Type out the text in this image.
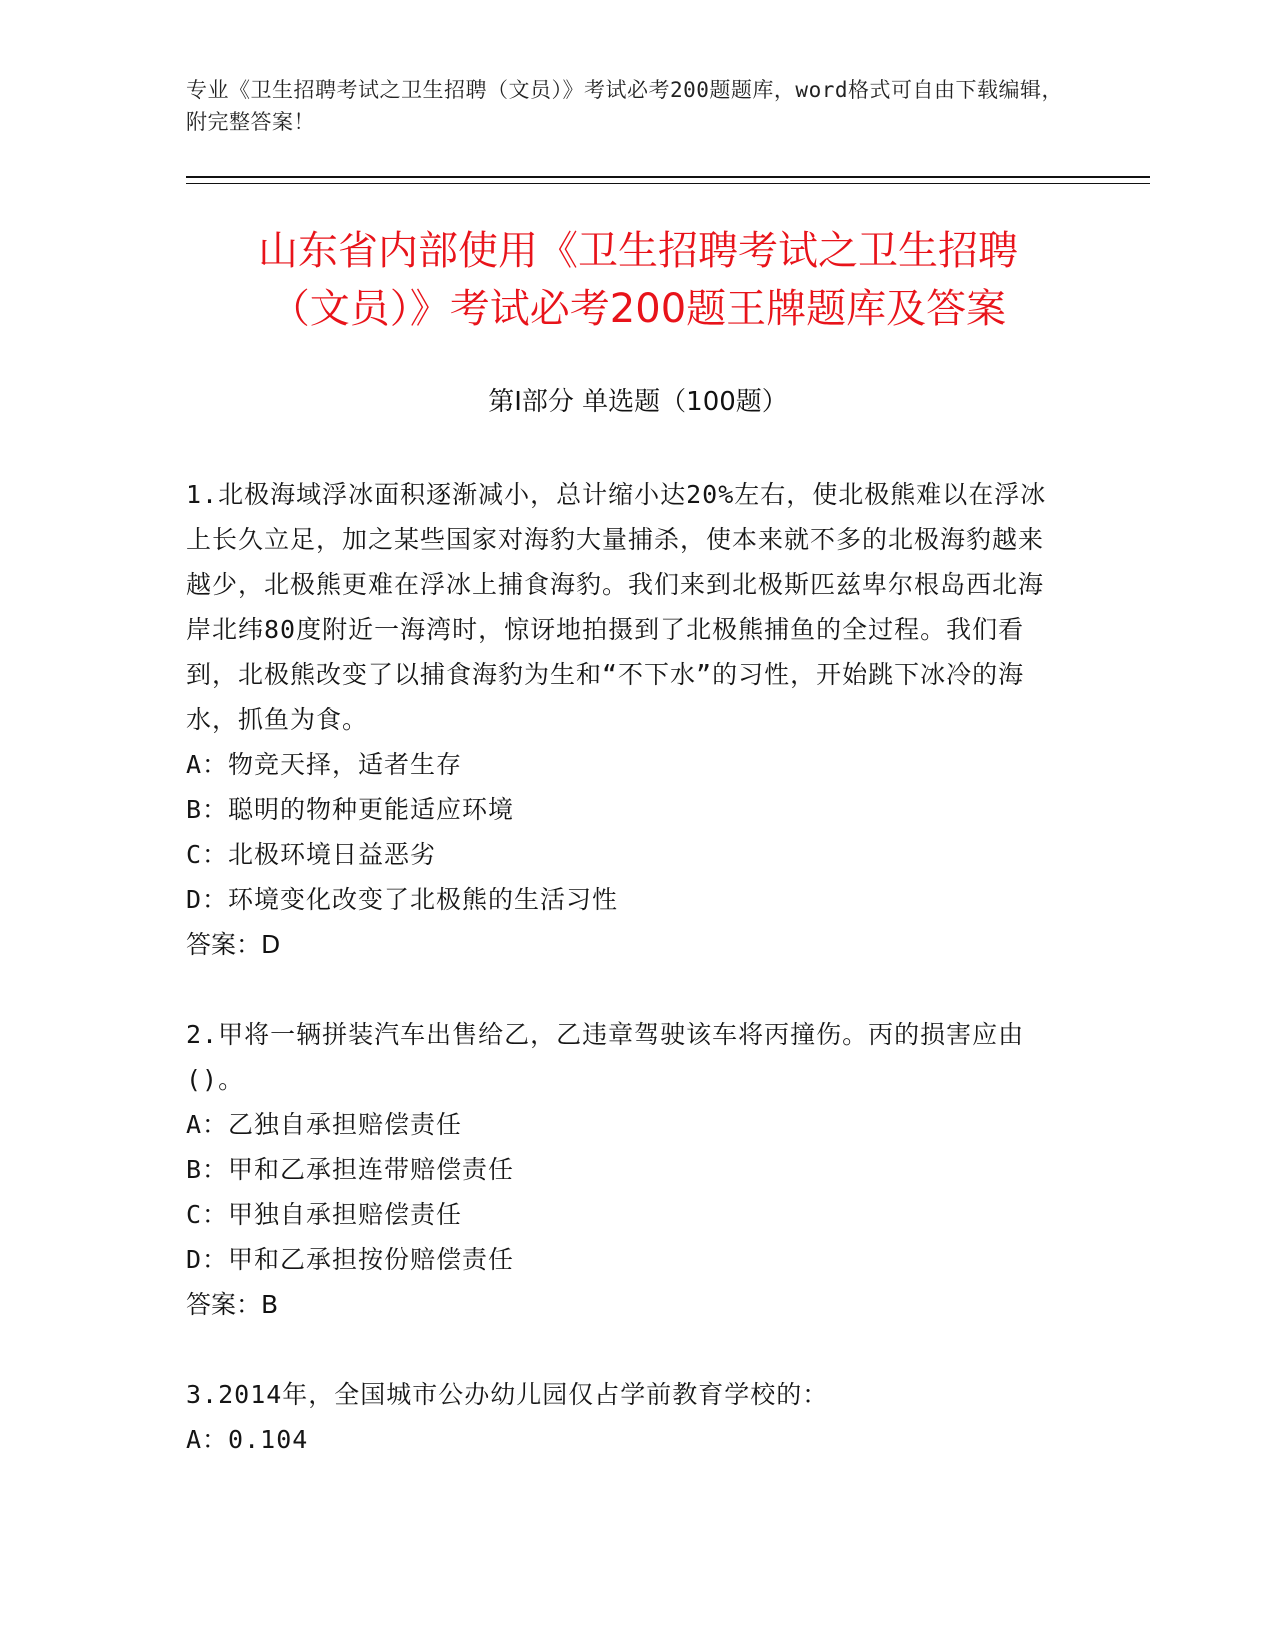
专业《卫生招聘考试之卫生招聘（文员）》考试必考200题题库，word格式可自由下载编辑，附完整答案！
山东省内部使用《卫生招聘考试之卫生招聘
（文员）》考试必考200题王牌题库及答案
第Ⅰ部分 单选题（100题）

1.北极海域浮冰面积逐渐减小，总计缩小达20%左右，使北极熊难以在浮冰上长久立足，加之某些国家对海豹大量捕杀，使本来就不多的北极海豹越来越少，北极熊更难在浮冰上捕食海豹。我们来到北极斯匹兹卑尔根岛西北海岸北纬80度附近一海湾时，惊讶地拍摄到了北极熊捕鱼的全过程。我们看到，北极熊改变了以捕食海豹为生和“不下水”的习性，开始跳下冰冷的海水，抓鱼为食。

A：物竞天择，适者生存

B：聪明的物种更能适应环境

C：北极环境日益恶劣

D：环境变化改变了北极熊的生活习性

答案：D

2.甲将一辆拼装汽车出售给乙，乙违章驾驶该车将丙撞伤。丙的损害应由()。

A：乙独自承担赔偿责任

B：甲和乙承担连带赔偿责任

C：甲独自承担赔偿责任

D：甲和乙承担按份赔偿责任

答案：B

3.2014年，全国城市公办幼儿园仅占学前教育学校的：

A：0.104
